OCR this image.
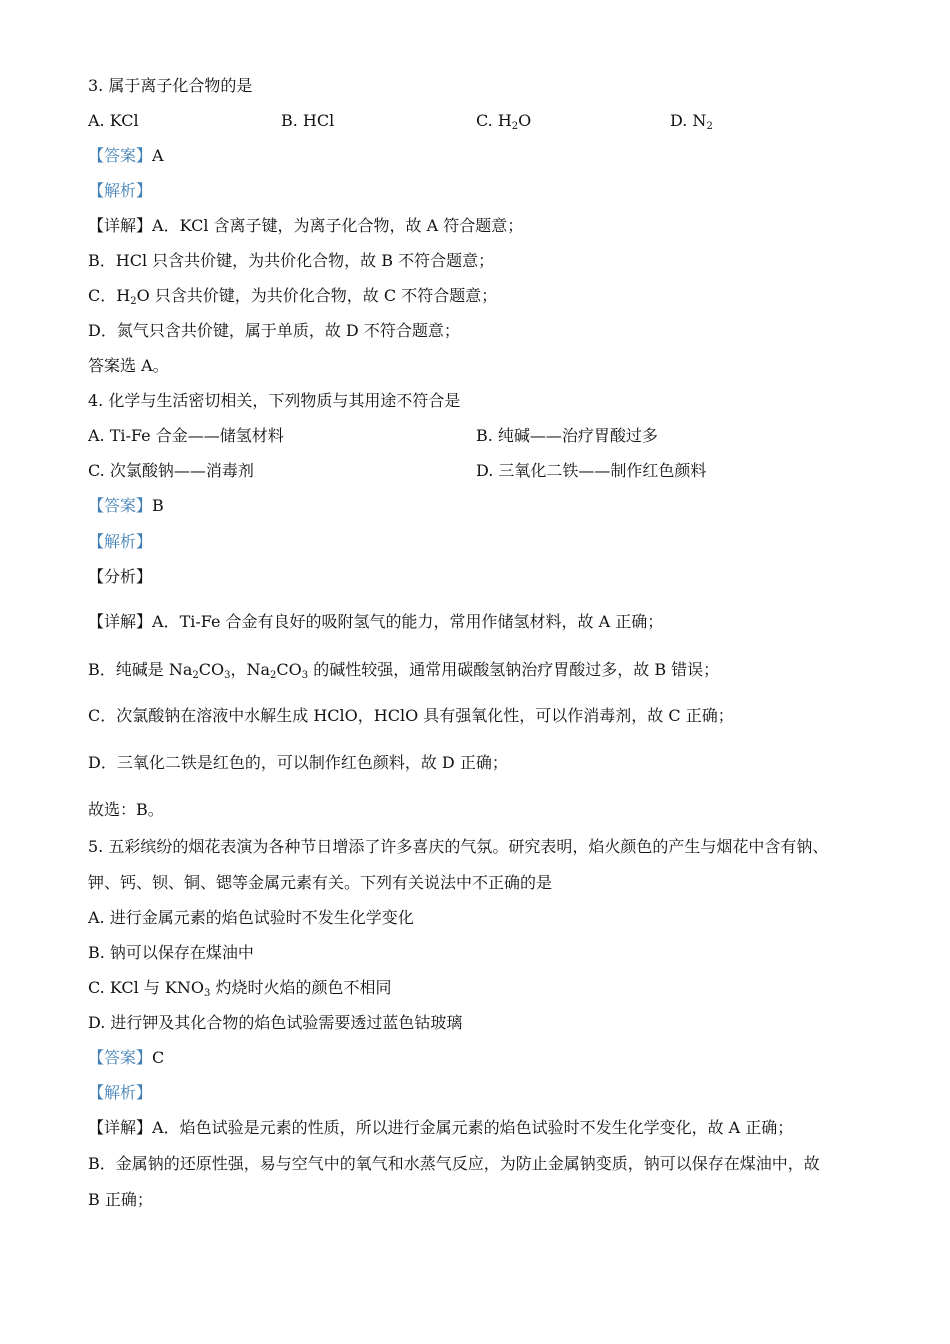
3. 属于离子化合物的是
A. KCl	B. HCl	C. $H_2O$	D. $N_2$
【答案】A
【解析】
【详解】A．KCl 含离子键，为离子化合物，故 A 符合题意；
B．HCl 只含共价键，为共价化合物，故 B 不符合题意；
C．$H_2O$ 只含共价键，为共价化合物，故 C 不符合题意；
D．氮气只含共价键，属于单质，故 D 不符合题意；
答案选 A。
4. 化学与生活密切相关，下列物质与其用途不符合是
A. Ti-Fe 合金——储氢材料	B. 纯碱——治疗胃酸过多
C. 次氯酸钠——消毒剂	D. 三氧化二铁——制作红色颜料
【答案】B
【解析】
【分析】
【详解】A．Ti-Fe 合金有良好的吸附氢气的能力，常用作储氢材料，故 A 正确；
B．纯碱是 $Na_2CO_3$，$Na_2CO_3$ 的碱性较强，通常用碳酸氢钠治疗胃酸过多，故 B 错误；
C．次氯酸钠在溶液中水解生成 HClO，HClO 具有强氧化性，可以作消毒剂，故 C 正确；
D．三氧化二铁是红色的，可以制作红色颜料，故 D 正确；
故选：B。
5. 五彩缤纷的烟花表演为各种节日增添了许多喜庆的气氛。研究表明，焰火颜色的产生与烟花中含有钠、
钾、钙、钡、铜、锶等金属元素有关。下列有关说法中不正确的是
A. 进行金属元素的焰色试验时不发生化学变化
B. 钠可以保存在煤油中
C. KCl 与 $KNO_3$ 灼烧时火焰的颜色不相同
D. 进行钾及其化合物的焰色试验需要透过蓝色钴玻璃
【答案】C
【解析】
【详解】A．焰色试验是元素的性质，所以进行金属元素的焰色试验时不发生化学变化，故 A 正确；
B．金属钠的还原性强，易与空气中的氧气和水蒸气反应，为防止金属钠变质，钠可以保存在煤油中，故
B 正确；
